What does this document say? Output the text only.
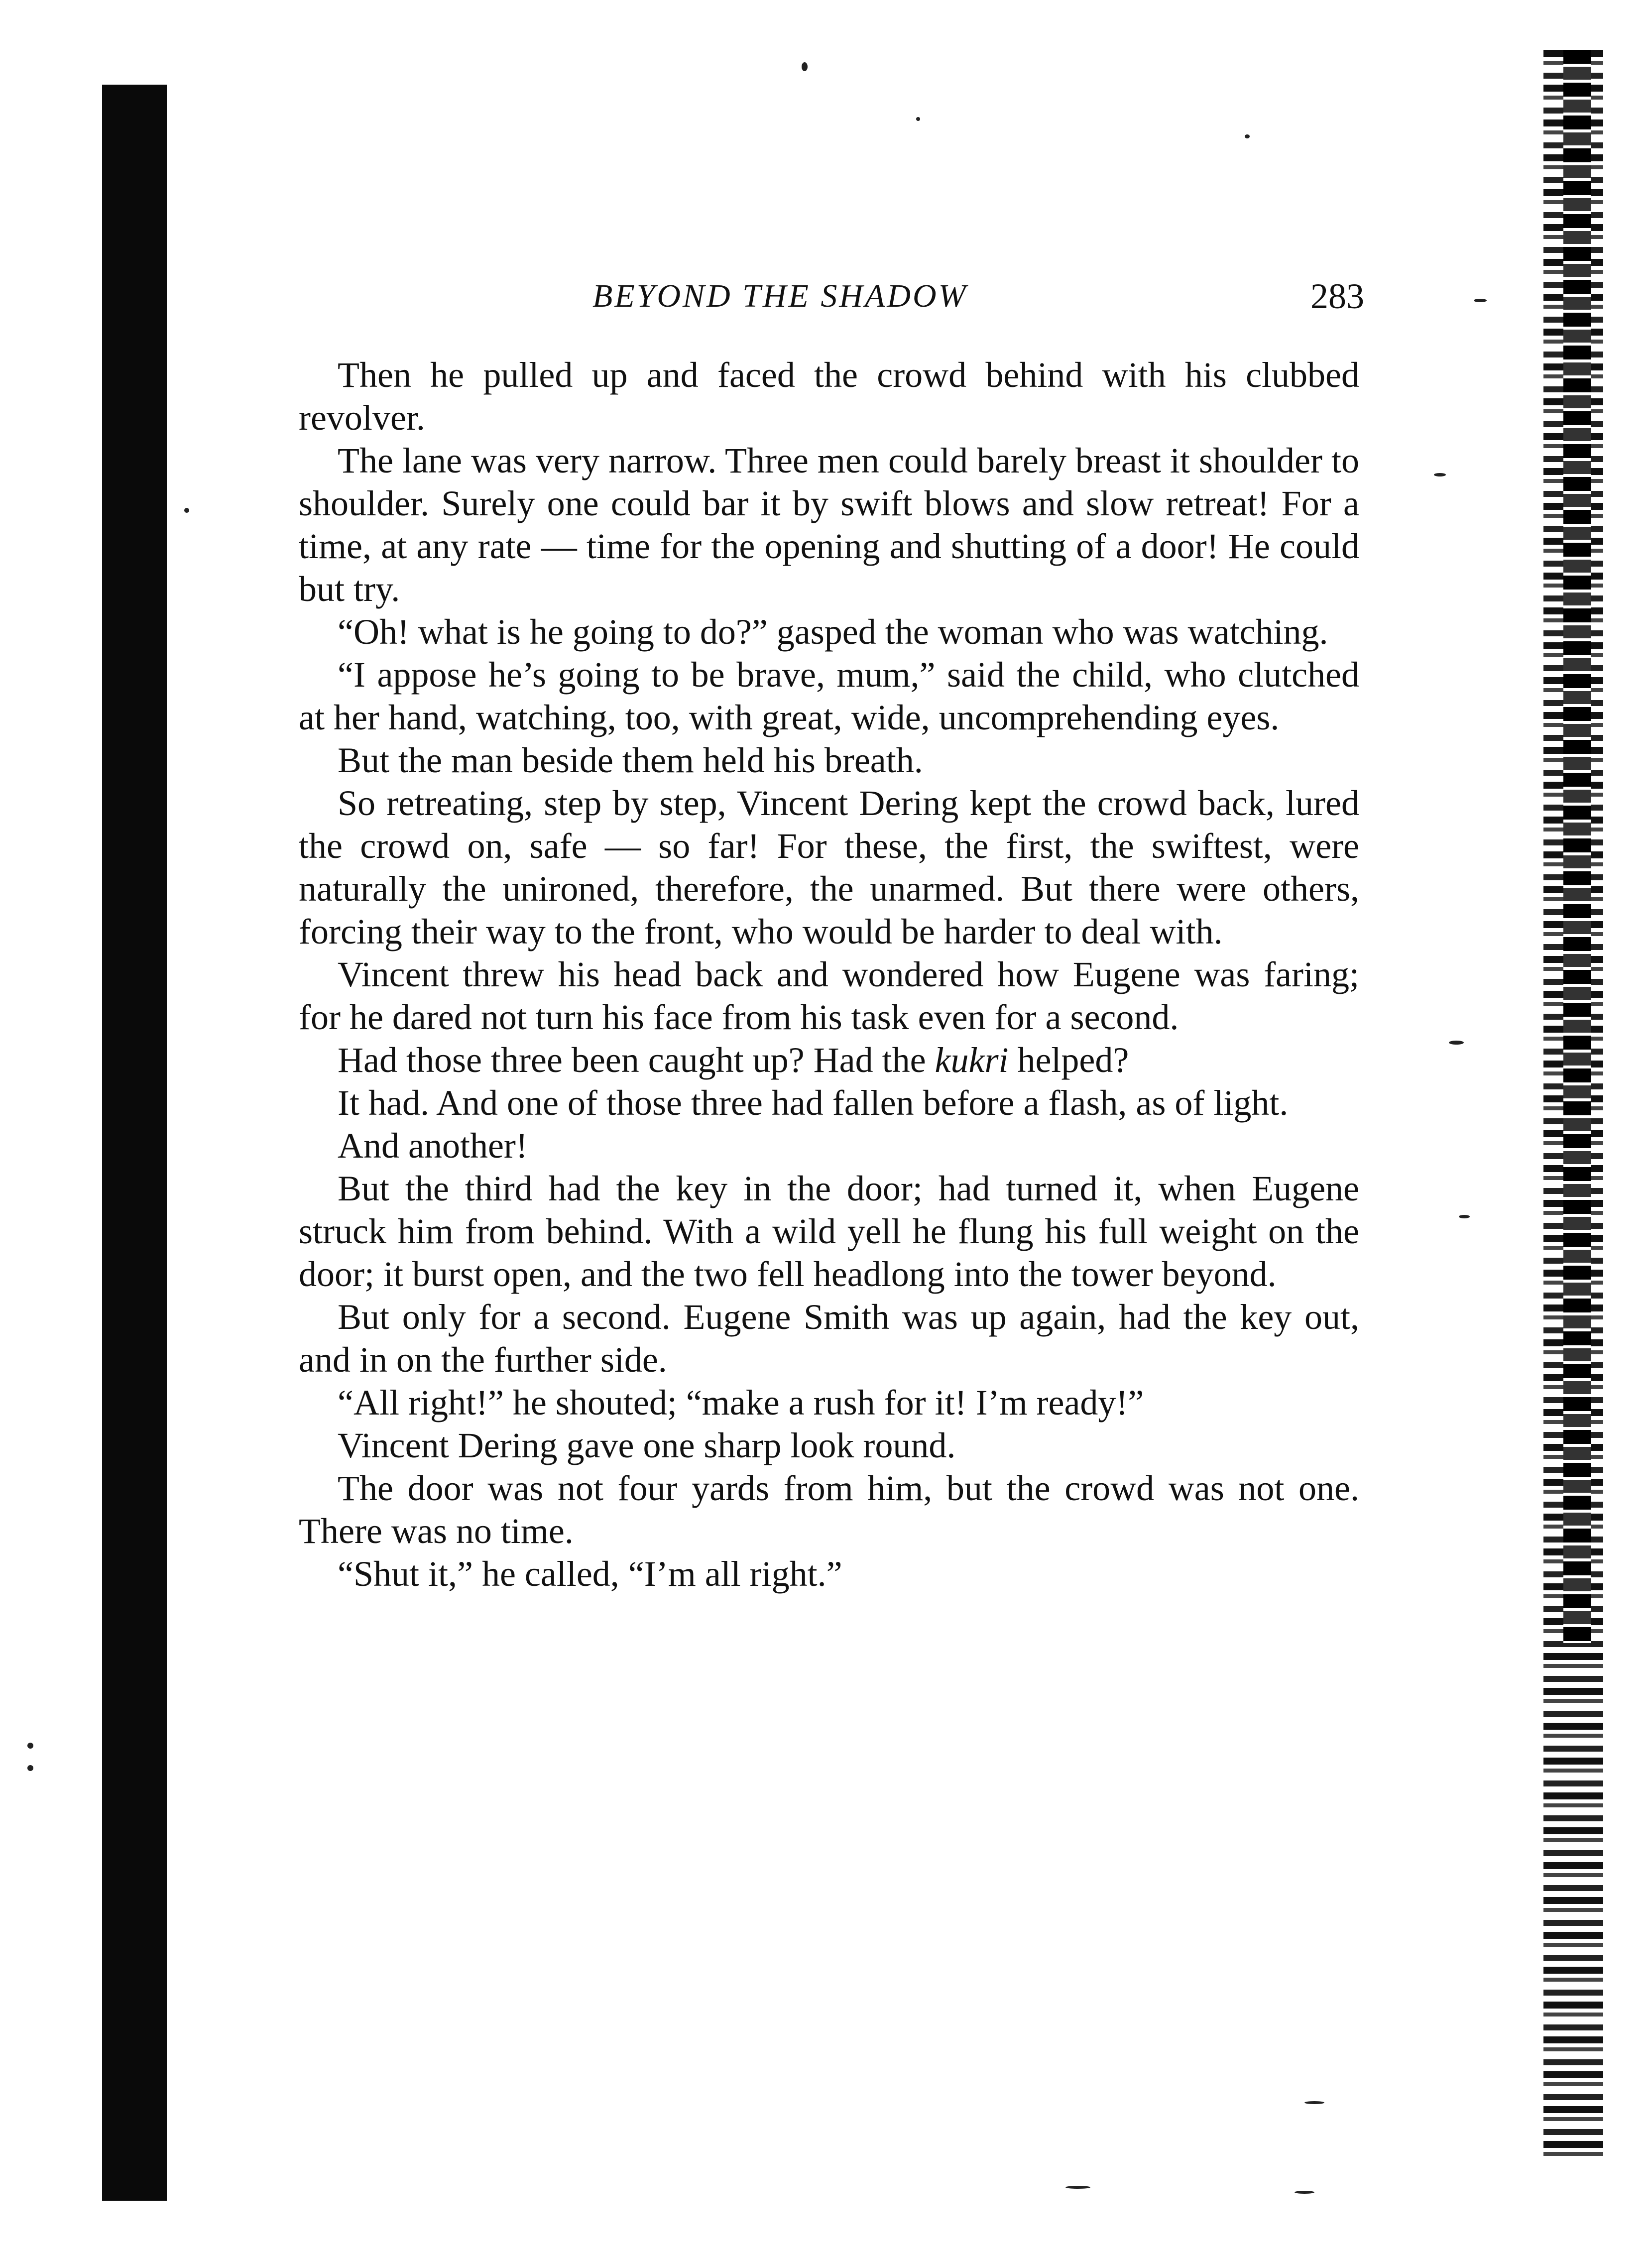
BEYOND THE SHADOW	283

Then he pulled up and faced the crowd behind with his clubbed revolver.

The lane was very narrow. Three men could barely breast it shoulder to shoulder. Surely one could bar it by swift blows and slow retreat! For a time, at any rate — time for the opening and shutting of a door! He could but try.

“Oh! what is he going to do?” gasped the woman who was watching.

“I appose he’s going to be brave, mum,” said the child, who clutched at her hand, watching, too, with great, wide, uncomprehending eyes.

But the man beside them held his breath.

So retreating, step by step, Vincent Dering kept the crowd back, lured the crowd on, safe — so far! For these, the first, the swiftest, were naturally the unironed, therefore, the unarmed. But there were others, forcing their way to the front, who would be harder to deal with.

Vincent threw his head back and wondered how Eugene was faring; for he dared not turn his face from his task even for a second.

Had those three been caught up? Had the kukri helped?

It had. And one of those three had fallen before a flash, as of light.

And another!

But the third had the key in the door; had turned it, when Eugene struck him from behind. With a wild yell he flung his full weight on the door; it burst open, and the two fell headlong into the tower beyond.

But only for a second. Eugene Smith was up again, had the key out, and in on the further side.

“All right!” he shouted; “make a rush for it! I’m ready!”

Vincent Dering gave one sharp look round.

The door was not four yards from him, but the crowd was not one. There was no time.

“Shut it,” he called, “I’m all right.”
